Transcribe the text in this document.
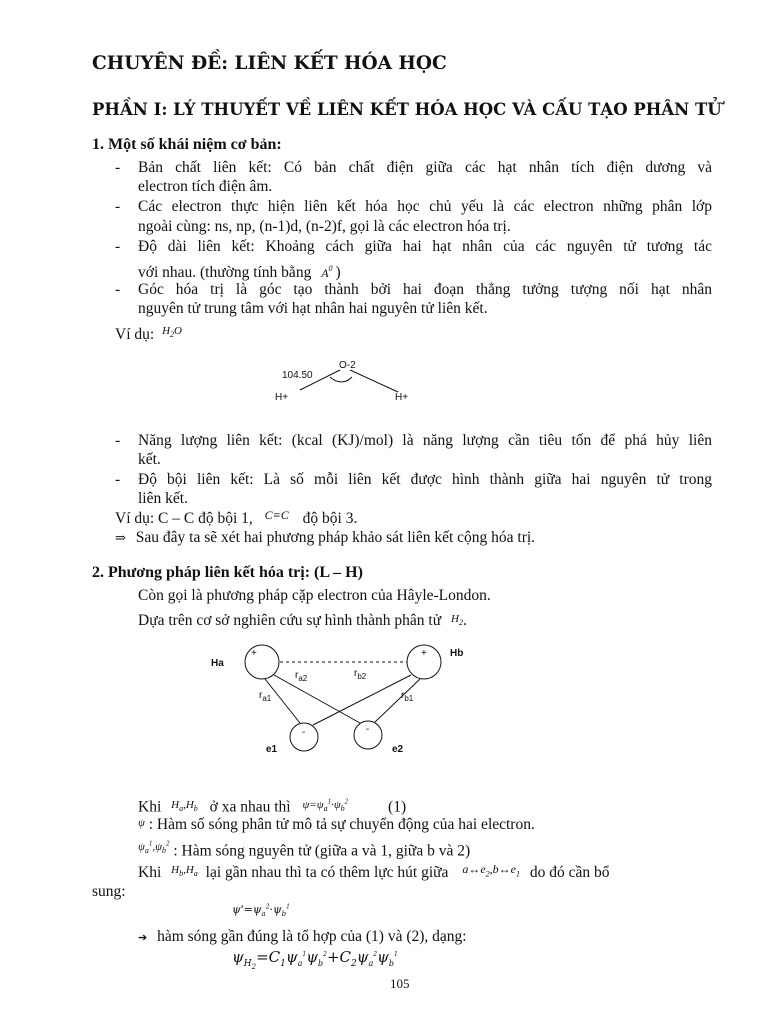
CHUYÊN ĐỀ: LIÊN KẾT HÓA HỌC
PHẦN I: LÝ THUYẾT VỀ LIÊN KẾT HÓA HỌC VÀ CẤU TẠO PHÂN TỬ
1. Một số khái niệm cơ bản:
- Bản chất liên kết: Có bản chất điện giữa các hạt nhân tích điện dương và
electron tích điện âm.
- Các electron thực hiện liên kết hóa học chủ yếu là các electron những phân lớp
ngoài cùng: ns, np, (n-1)d, (n-2)f, gọi là các electron hóa trị.
- Độ dài liên kết: Khoảng cách giữa hai hạt nhân của các nguyên tử tương tác
với nhau. (thường tính bằng $A^0$ )
- Góc hóa trị là góc tạo thành bởi hai đoạn thẳng tưởng tượng nối hạt nhân
nguyên tử trung tâm với hạt nhân hai nguyên tử liên kết.
Ví dụ: $^{H_2O}$
104.50
O-2
H+	H+
- Năng lượng liên kết: (kcal (KJ)/mol) là năng lượng cần tiêu tốn để phá hủy liên
kết.
- Độ bội liên kết: Là số mỗi liên kết được hình thành giữa hai nguyên tử trong
liên kết.
Ví dụ: C – C độ bội 1, $^{C\equiv C}$ độ bội 3.
⇒ Sau đây ta sẽ xét hai phương pháp khảo sát liên kết cộng hóa trị.
2. Phương pháp liên kết hóa trị: (L – H)
Còn gọi là phương pháp cặp electron của Hâyle-London.
Dựa trên cơ sở nghiên cứu sự hình thành phân tử $H_2$.
Ha
Hb
+	+
-	-
$r_{a2}$	$r_{b2}$
$r_{a1}$	$r_{b1}$
e1	e2
Khi $^{H_a,H_b}$ ở xa nhau thì $^{\psi=\psi_a^1\cdot\psi_b^2}$	(1)
ψ : Hàm số sóng phân tử mô tả sự chuyển động của hai electron.
$^{\psi_a^1,\psi_b^2}$ : Hàm sóng nguyên tử (giữa a và 1, giữa b và 2)
Khi $^{H_b,H_a}$ lại gần nhau thì ta có thêm lực hút giữa $^{a\leftrightarrow e_2,b\leftrightarrow e_1}$ do đó cần bổ
sung:
$\psi'=\psi_a^2\cdot\psi_b^1$
➔ hàm sóng gần đúng là tổ hợp của (1) và (2), dạng:
$\psi_{H_2}=C_1\psi_a^1\psi_b^2+C_2\psi_a^2\psi_b^1$
105
